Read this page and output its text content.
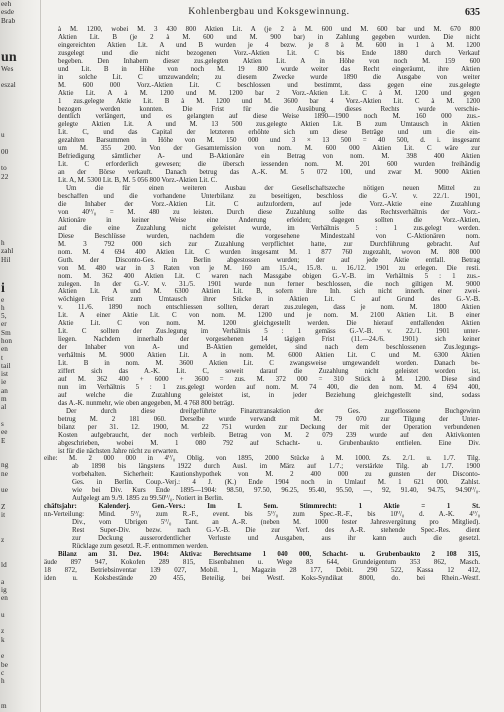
eeh
esde
Brab
un
Wes
eszal
u
00
to
22
h
zahl
Hil
i
e
h
5,
er
Sm
hon
en
t
tail
ist
ie
an
m
al
s
ee
E
ng
ne
ue
Z
it
z
ld
a
ig
en
u
z
k
e
be
c
h
m
Kohlenbergbau und Koksgewinnung.	635
à M. 1200, wobei M. 3 430 800 Aktien Lit. A (je 2 à M. 600 und M. 600 bar und M. 670 800
Aktien Lit. B (je 2 à M. 600 und M. 900 bar) in Zahlung gegeben wurden. Die nicht
eingereichten Aktien Lit. A und B wurden je 4 bezw. je 8 à M. 600 in 1 à M. 1200
zusgelegt und die nicht bezogenen Vorz.-Aktien Lit. C bis Ende 1880 durch Verkauf
begeben. Den Inhabern dieser zus.gelegten Aktien Lit. A in Höhe von noch M. 159 600
und Lit. B in Höhe von noch M. 19 800 wurde weiter das Recht eingeräumt, ihre Aktien
in solche Lit. C umzuwandeln; zu diesem Zwecke wurde 1890 die Ausgabe von weiter
M. 600 000 Vorz.-Aktien Lit. C beschlossen und bestimmt, dass gegen eine zus.gelegte
Aktie Lit. A à M. 1200 und M. 1200 bar 2 Vorz.-Aktien Lit. C à M. 1200 und gegen
1 zus.gelegte Aktie Lit. B à M. 1200 und M. 3600 bar 4 Vorz.-Aktien Lit. C à M. 1200
bezogen werden konnten. Die Frist für die Ausübung dieses Rechts wurde verschie-
dentlich verlängert, und es gelangten auf diese Weise 1890—1900 noch M. 160 000 zus.-
gelegte Aktien Lit. A und M. 13 500 zus.gelegte Aktien Lit. B zum Umtausch in Aktien
Lit. C, und das Capital der letzteren erhöhte sich um diese Beträge und um die ein-
gezahlten Barsummen in Höhe von M. 150 000 und 3 × 13 500 = 40 500, d. i. insgesamt
um M. 355 200. Von der Gesamtemission von nom. M. 600 000 Aktien Lit. C wäre zur
Befriedigung sämtlicher A- und B-Aktionäre ein Betrag von nom. M. 398 400 Aktien
Lit. C erforderlich gewesen; die übersch iessenden nom. M. 201 600 wurden freihändig
an der Börse verkauft. Danach betrug das A.-K. M. 5 072 100, und zwar M. 9000 Aktien
Lit. A, M. 5300 Lit. B, M. 5 056 800 Vorz.-Aktien Lit. C.
Um die für einen weiteren Ausbau der Gesellschaftszeche nötigen neuen Mittel zu
beschaffen und die vorhandene Unterbilanz zu beseitigen, beschloss die G.-V. v. 22./1. 1901,
die Inhaber der Vorz.-Aktien Lit. C aufzufordern, auf jede Vorz.-Aktie eine Zuzahlung
von 40⁰/₀ = M. 480 zu leisten. Durch diese Zuzahlung sollte das Rechtsverhältnis der Vorz.-
Aktionäre in keiner Weise eine Änderung erleiden; dagegen sollten die Vorz.-Aktien,
auf die eine Zuzahlung nicht geleistet wurde, im Verhältnis 5 : 1 zus.gelegt werden.
Diese Beschlüsse wurden, nachdem die vorgesehene Mindestzahl von C-Aktionären nom.
M. 3 792 000 sich zur Zuzahlung verpflichtet hatte, zur Durchführung gebracht. Auf
nom. M. 4 694 400 Aktien Lit. C wurden insgesamt M. 1 877 760 zugezahlt, wovon M. 808 000
Guth. der Disconto-Ges. in Berlin abgestossen wurden; der auf jede Aktie entfall. Betrag
von M. 480 war in 3 Raten von je M. 160 am 15./4., 15./8. u. 16./12. 1901 zu erlegen. Die resti.
nom. M. 362 400 Aktien Lit. C waren nach Massgabe obigen G.-V.-B. im Verhältnis 5 : 1 zus.-
zulegen. In der G.-V. v. 31./5. 1901 wurde nun ferner beschlossen, die noch giltigen M. 9000
Aktien Lit. A und M. 6300 Aktien Lit. B, sofern ihre Inh. sich nicht innerh. einer zwei-
wöchigen Frist zum Umtausch ihrer Stücke in Aktien Lit. C auf Grund des G.-V.-B.
v. 11./6. 1890 noch entschliessen sollten, derart zus.zulegen, dass je nom. M. 1800 Aktien
Lit. A einer Aktie Lit. C von nom. M. 1200 und je nom. M. 2100 Aktien Lit. B einer
Aktie Lit. C von nom. M. 1200 gleichgestellt werden. Die hierauf entfallenden Aktien
Lit. C sollten der Zus.legung im Verhältnis 5 : 1 gemäss G.-V.-B. v. 22./1. 1901 unter-
liegen. Nachdem innerhalb der vorgesehenen 14 tägigen Frist (11.—24./6. 1901) sich keiner
der Inhaber von A- und B-Aktien gemeldet, sind nach dem beschlossenen Zus.legungs-
verhältnis M. 9000 Aktien Lit. A in nom. M. 6000 Aktien Lit. C und M. 6300 Aktien
Lit. B in nom. M. 3600 Aktien Lit. C zwangsweise umgewandelt worden. Danach be-
ziffert sich das A.-K. Lit. C, soweit darauf die Zuzahlung nicht geleistet worden ist,
auf M. 362 400 + 6000 + 3600 = zus. M. 372 000 = 310 Stück à M. 1200. Diese sind
nun im Verhältnis 5 : 1 zus.gelegt worden auf nom. M. 74 400, die den nom. M. 4 694 400,
auf welche die Zuzahlung geleistet ist, in jeder Beziehung gleichgestellt sind, sodass
das A.-K. nunmehr, wie oben angegeben, M. 4 768 800 beträgt.
Der durch diese dreifgeführte Finanztransaktion der Ges. zugeflossene Buchgewinn
betrug M. 2 181 060. Derselbe wurde verwandt mit M. 79 070 zur Tilgung der Unter-
bilanz per 31. 12. 1900, M. 22 751 wurden zur Deckung der mit der Operation verbundenen
Kosten aufgebraucht, der noch verbleib. Betrag von M. 2 079 239 wurde auf den Aktivkonten
abgeschrieben, wobei M. 1 080 792 auf Schacht- u. Grubenbaukto entfielen. Eine Div.
ist für die nächsten Jahre nicht zu erwarten.
eihe: M. 2 000 000 in 4⁰/₀ Oblig. von 1895, 2000 Stücke à M. 1000. Zs. 2./1. u. 1./7. Tilg.
ab 1898 bis längstens 1922 durch Ausl. im März auf 1./7.; verstärkte Tilg. ab 1./7. 1900
vorbehalten. Sicherheit: Kautionshypothek von M. 2 400 000 zu gunsten der Disconto-
Ges. in Berlin. Coup.-Verj.: 4 J. (K.) Ende 1904 noch in Umlauf M. 1 621 000. Zahlst.
wie bei Div. Kurs Ende 1895—1904: 98.50, 97.50, 96.25, 95.40, 95.50, —, 92, 91.40, 94.75, 94.90⁰/₀.
Aufgelegt am 9./9. 1895 zu 99.50⁰/₀. Notiert in Berlin.
chäftsjahr: Kalenderj. Gen.-Vers.: Im I. Sem. Stimmrecht: 1 Aktie = 1 St.
nn-Verteilung: Mind. 5⁰/₀ zum R.-F., event. bis 5⁰/₀ zum Spec.-R.-F., bis 10⁰/₀ d. A.-K. 4⁰/₀
Div., vom Übrigen 5⁰/₀ Tant. an A.-R. (neben M. 1000 fester Jahresvergütung pro Mitglied).
Rest Super-Div. bezw. nach G.-V.-B. Die zur Verf. des A.-R. stehende Spec.-Res. dient
zur Deckung ausserordentlicher Verluste und Ausgaben, aus ihr kann auch die gesetzl.
Rücklage zum gesetzl. R.-F. entnommen werden.
Bilanz am 31. Dez. 1904: Aktiva: Berechtsame 1 040 000, Schacht- u. Grubenbaukto 2 108 315,
äude 897 947, Kokofen 289 815, Eisenbahnen u. Wege 83 644, Grundeigentum 353 862, Masch.
18 872, Betriebsinventar 139 027, Mobil. 1, Magazin 28 177, Debit. 290 522, Kassa 12 412,
iden u. Koksbestände 20 455, Beteilig. bei Westf. Koks-Syndikat 8000, do. bei Rhein.-Westf.
